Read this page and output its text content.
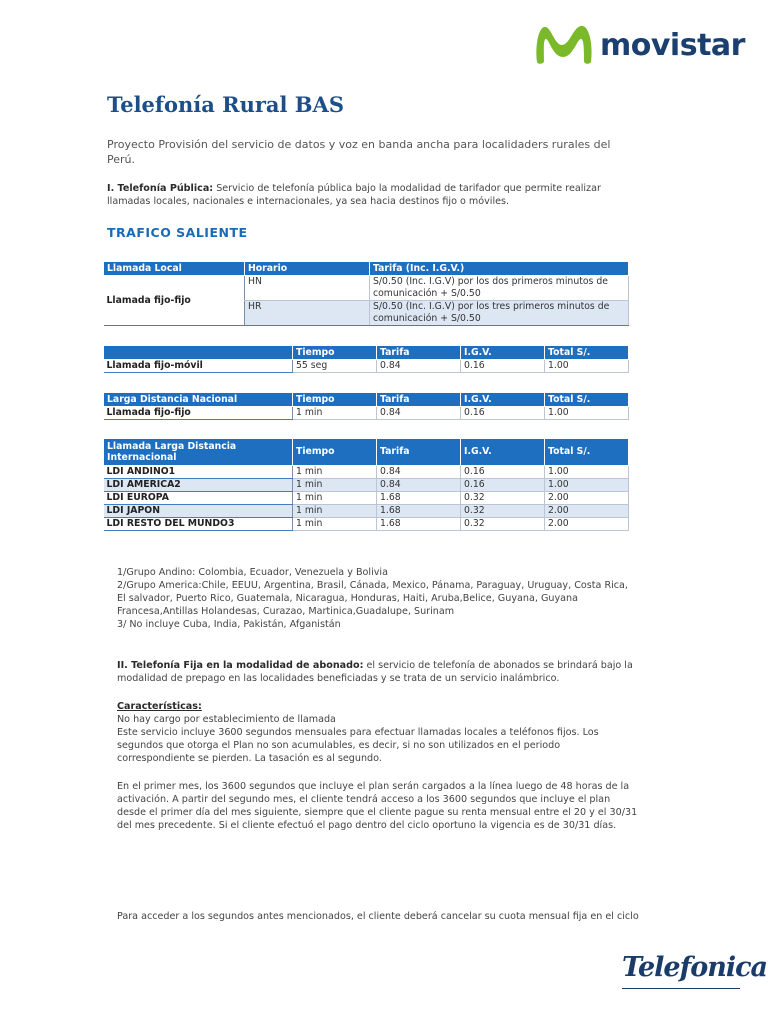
movistar
Telefonía Rural BAS

Proyecto Provisión del servicio de datos y voz en banda ancha para localidaders rurales del Perú.

I. Telefonía Pública: Servicio de telefonía pública bajo la modalidad de tarifador que permite realizar llamadas locales, nacionales e internacionales, ya sea hacia destinos fijo o móviles.

TRAFICO SALIENTE
Llamada Local	Horario	Tarifa (Inc. I.G.V.)
Llamada fijo-fijo	HN	S/0.50 (Inc. I.G.V) por los dos primeros minutos de comunicación + S/0.50
	HR	S/0.50 (Inc. I.G.V) por los tres primeros minutos de comunicación + S/0.50
	Tiempo	Tarifa	I.G.V.	Total S/.
Llamada fijo-móvil	55 seg	0.84	0.16	1.00
Larga Distancia Nacional	Tiempo	Tarifa	I.G.V.	Total S/.
Llamada fijo-fijo	1 min	0.84	0.16	1.00
Llamada Larga Distancia Internacional	Tiempo	Tarifa	I.G.V.	Total S/.
LDI ANDINO1	1 min	0.84	0.16	1.00
LDI AMERICA2	1 min	0.84	0.16	1.00
LDI EUROPA	1 min	1.68	0.32	2.00
LDI JAPON	1 min	1.68	0.32	2.00
LDI RESTO DEL MUNDO3	1 min	1.68	0.32	2.00
1/Grupo Andino: Colombia, Ecuador, Venezuela y Bolivia
2/Grupo America:Chile, EEUU, Argentina, Brasil, Cánada, Mexico, Pánama, Paraguay, Uruguay, Costa Rica, El salvador, Puerto Rico, Guatemala, Nicaragua, Honduras, Haiti, Aruba,Belice, Guyana, Guyana Francesa,Antillas Holandesas, Curazao, Martinica,Guadalupe, Surinam
3/ No incluye Cuba, India, Pakistán, Afganistán

II. Telefonía Fija en la modalidad de abonado: el servicio de telefonía de abonados se brindará bajo la modalidad de prepago en las localidades beneficiadas y se trata de un servicio inalámbrico.

Características:
No hay cargo por establecimiento de llamada
Este servicio incluye 3600 segundos mensuales para efectuar llamadas locales a teléfonos fijos. Los segundos que otorga el Plan no son acumulables, es decir, si no son utilizados en el periodo correspondiente se pierden. La tasación es al segundo.

En el primer mes, los 3600 segundos que incluye el plan serán cargados a la línea luego de 48 horas de la activación. A partir del segundo mes, el cliente tendrá acceso a los 3600 segundos que incluye el plan desde el primer día del mes siguiente, siempre que el cliente pague su renta mensual entre el 20 y el 30/31 del mes precedente. Si el cliente efectuó el pago dentro del ciclo oportuno la vigencia es de 30/31 días.

Para acceder a los segundos antes mencionados, el cliente deberá cancelar su cuota mensual fija en el ciclo

Telefonica
